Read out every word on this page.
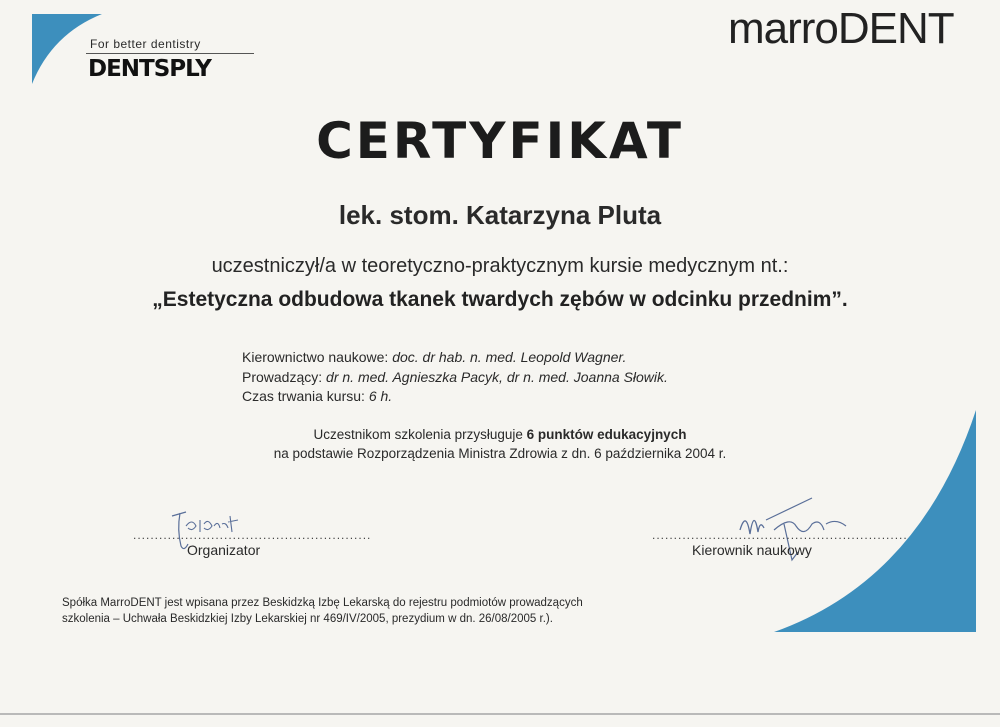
For better dentistry
DENTSPLY
marroDENT
CERTYFIKAT
lek. stom. Katarzyna Pluta
uczestniczył/a w teoretyczno-praktycznym kursie medycznym nt.:
„Estetyczna odbudowa tkanek twardych zębów w odcinku przednim”.
Kierownictwo naukowe: doc. dr hab. n. med. Leopold Wagner.
Prowadzący: dr n. med. Agnieszka Pacyk, dr n. med. Joanna Słowik.
Czas trwania kursu: 6 h.
Uczestnikom szkolenia przysługuje 6 punktów edukacyjnych
na podstawie Rozporządzenia Ministra Zdrowia z dn. 6 października 2004 r.
.......................................................
Organizator
...........................................................
Kierownik naukowy
Spółka MarroDENT jest wpisana przez Beskidzką Izbę Lekarską do rejestru podmiotów prowadzących
szkolenia – Uchwała Beskidzkiej Izby Lekarskiej nr 469/IV/2005, prezydium w dn. 26/08/2005 r.).
